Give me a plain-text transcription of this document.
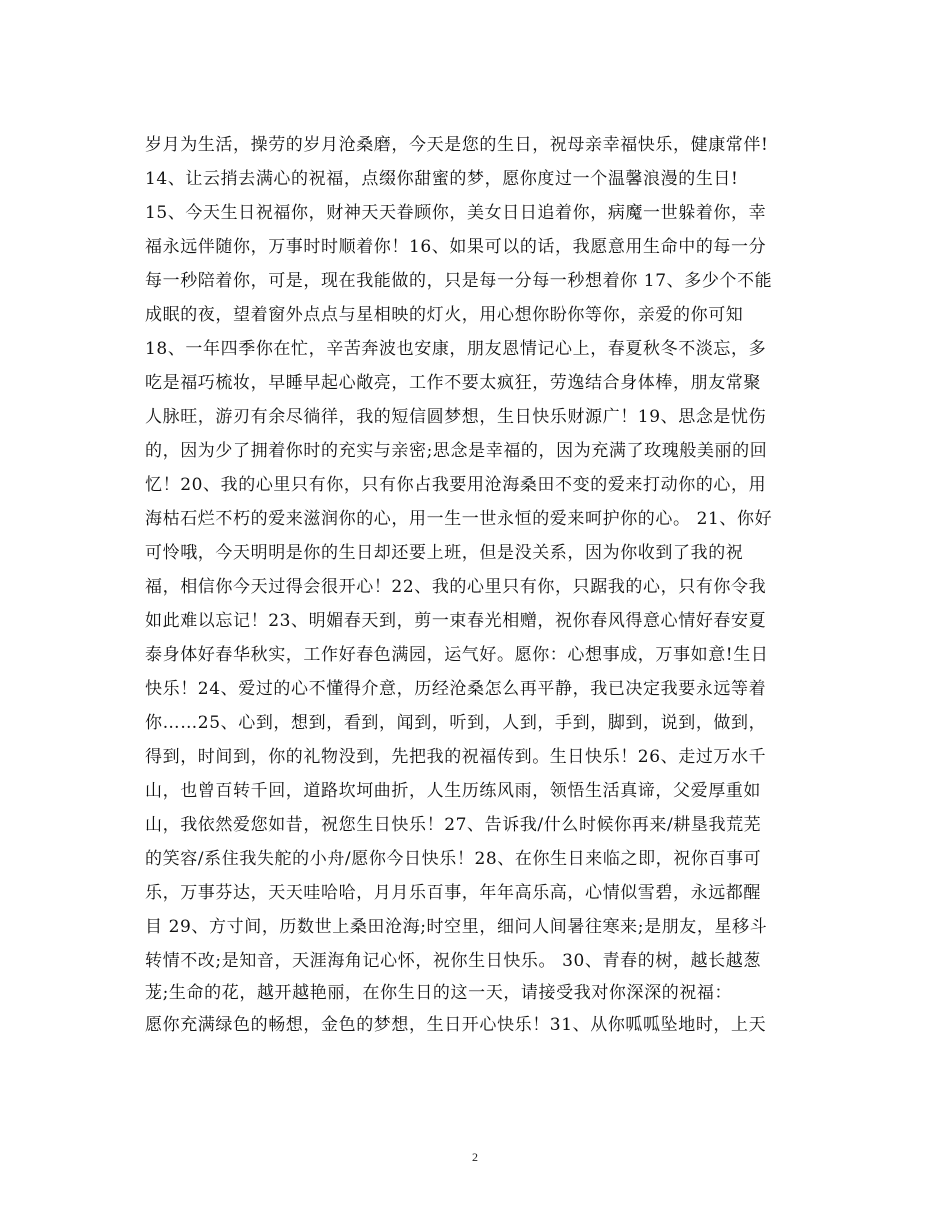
岁月为生活，操劳的岁月沧桑磨，今天是您的生日，祝母亲幸福快乐，健康常伴!
14、让云捎去满心的祝福，点缀你甜蜜的梦，愿你度过一个温馨浪漫的生日!
15、今天生日祝福你，财神天天眷顾你，美女日日追着你，病魔一世躲着你，幸
福永远伴随你，万事时时顺着你！16、如果可以的话，我愿意用生命中的每一分
每一秒陪着你，可是，现在我能做的，只是每一分每一秒想着你 17、多少个不能
成眠的夜，望着窗外点点与星相映的灯火，用心想你盼你等你，亲爱的你可知
18、一年四季你在忙，辛苦奔波也安康，朋友恩情记心上，春夏秋冬不淡忘，多
吃是福巧梳妆，早睡早起心敞亮，工作不要太疯狂，劳逸结合身体棒，朋友常聚
人脉旺，游刃有余尽徜徉，我的短信圆梦想，生日快乐财源广！19、思念是忧伤
的，因为少了拥着你时的充实与亲密;思念是幸福的，因为充满了玫瑰般美丽的回
忆！20、我的心里只有你，只有你占我要用沧海桑田不变的爱来打动你的心，用
海枯石烂不朽的爱来滋润你的心，用一生一世永恒的爱来呵护你的心。 21、你好
可怜哦，今天明明是你的生日却还要上班，但是没关系，因为你收到了我的祝
福，相信你今天过得会很开心！22、我的心里只有你，只踞我的心，只有你令我
如此难以忘记！23、明媚春天到，剪一束春光相赠，祝你春风得意心情好春安夏
泰身体好春华秋实，工作好春色满园，运气好。愿你：心想事成，万事如意!生日
快乐！24、爱过的心不懂得介意，历经沧桑怎么再平静，我已决定我要永远等着
你……25、心到，想到，看到，闻到，听到，人到，手到，脚到，说到，做到，
得到，时间到，你的礼物没到，先把我的祝福传到。生日快乐！26、走过万水千
山，也曾百转千回，道路坎坷曲折，人生历练风雨，领悟生活真谛，父爱厚重如
山，我依然爱您如昔，祝您生日快乐！27、告诉我/什么时候你再来/耕垦我荒芜
的笑容/系住我失舵的小舟/愿你今日快乐！28、在你生日来临之即，祝你百事可
乐，万事芬达，天天哇哈哈，月月乐百事，年年高乐高，心情似雪碧，永远都醒
目 29、方寸间，历数世上桑田沧海;时空里，细问人间暑往寒来;是朋友，星移斗
转情不改;是知音，天涯海角记心怀，祝你生日快乐。 30、青春的树，越长越葱
茏;生命的花，越开越艳丽，在你生日的这一天，请接受我对你深深的祝福：
愿你充满绿色的畅想，金色的梦想，生日开心快乐！31、从你呱呱坠地时，上天
2
